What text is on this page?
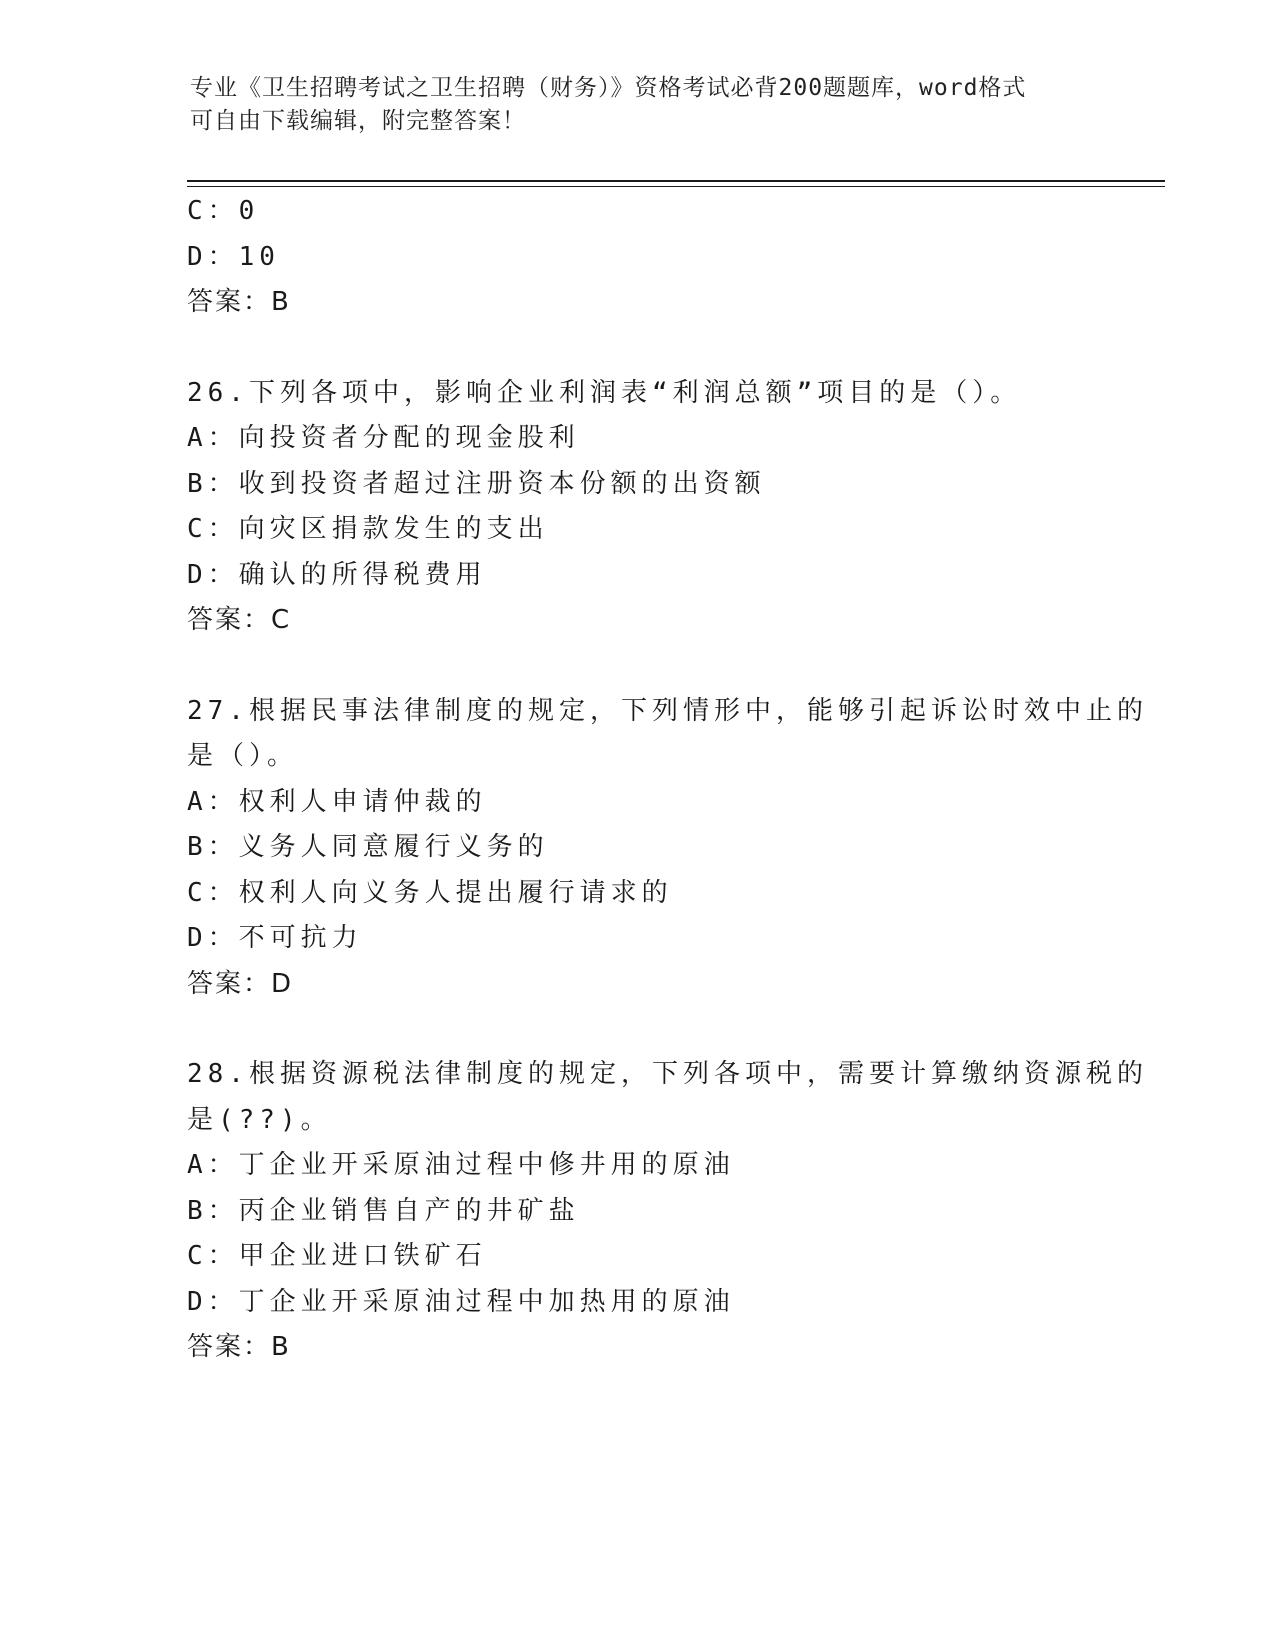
专业《卫生招聘考试之卫生招聘（财务）》资格考试必背200题题库，word格式
可自由下载编辑，附完整答案！
C：0
D：10
答案：B
26.下列各项中，影响企业利润表“利润总额”项目的是（）。
A：向投资者分配的现金股利
B：收到投资者超过注册资本份额的出资额
C：向灾区捐款发生的支出
D：确认的所得税费用
答案：C
27.根据民事法律制度的规定，下列情形中，能够引起诉讼时效中止的
是（）。
A：权利人申请仲裁的
B：义务人同意履行义务的
C：权利人向义务人提出履行请求的
D：不可抗力
答案：D
28.根据资源税法律制度的规定，下列各项中，需要计算缴纳资源税的
是(??)。
A：丁企业开采原油过程中修井用的原油
B：丙企业销售自产的井矿盐
C：甲企业进口铁矿石
D：丁企业开采原油过程中加热用的原油
答案：B
